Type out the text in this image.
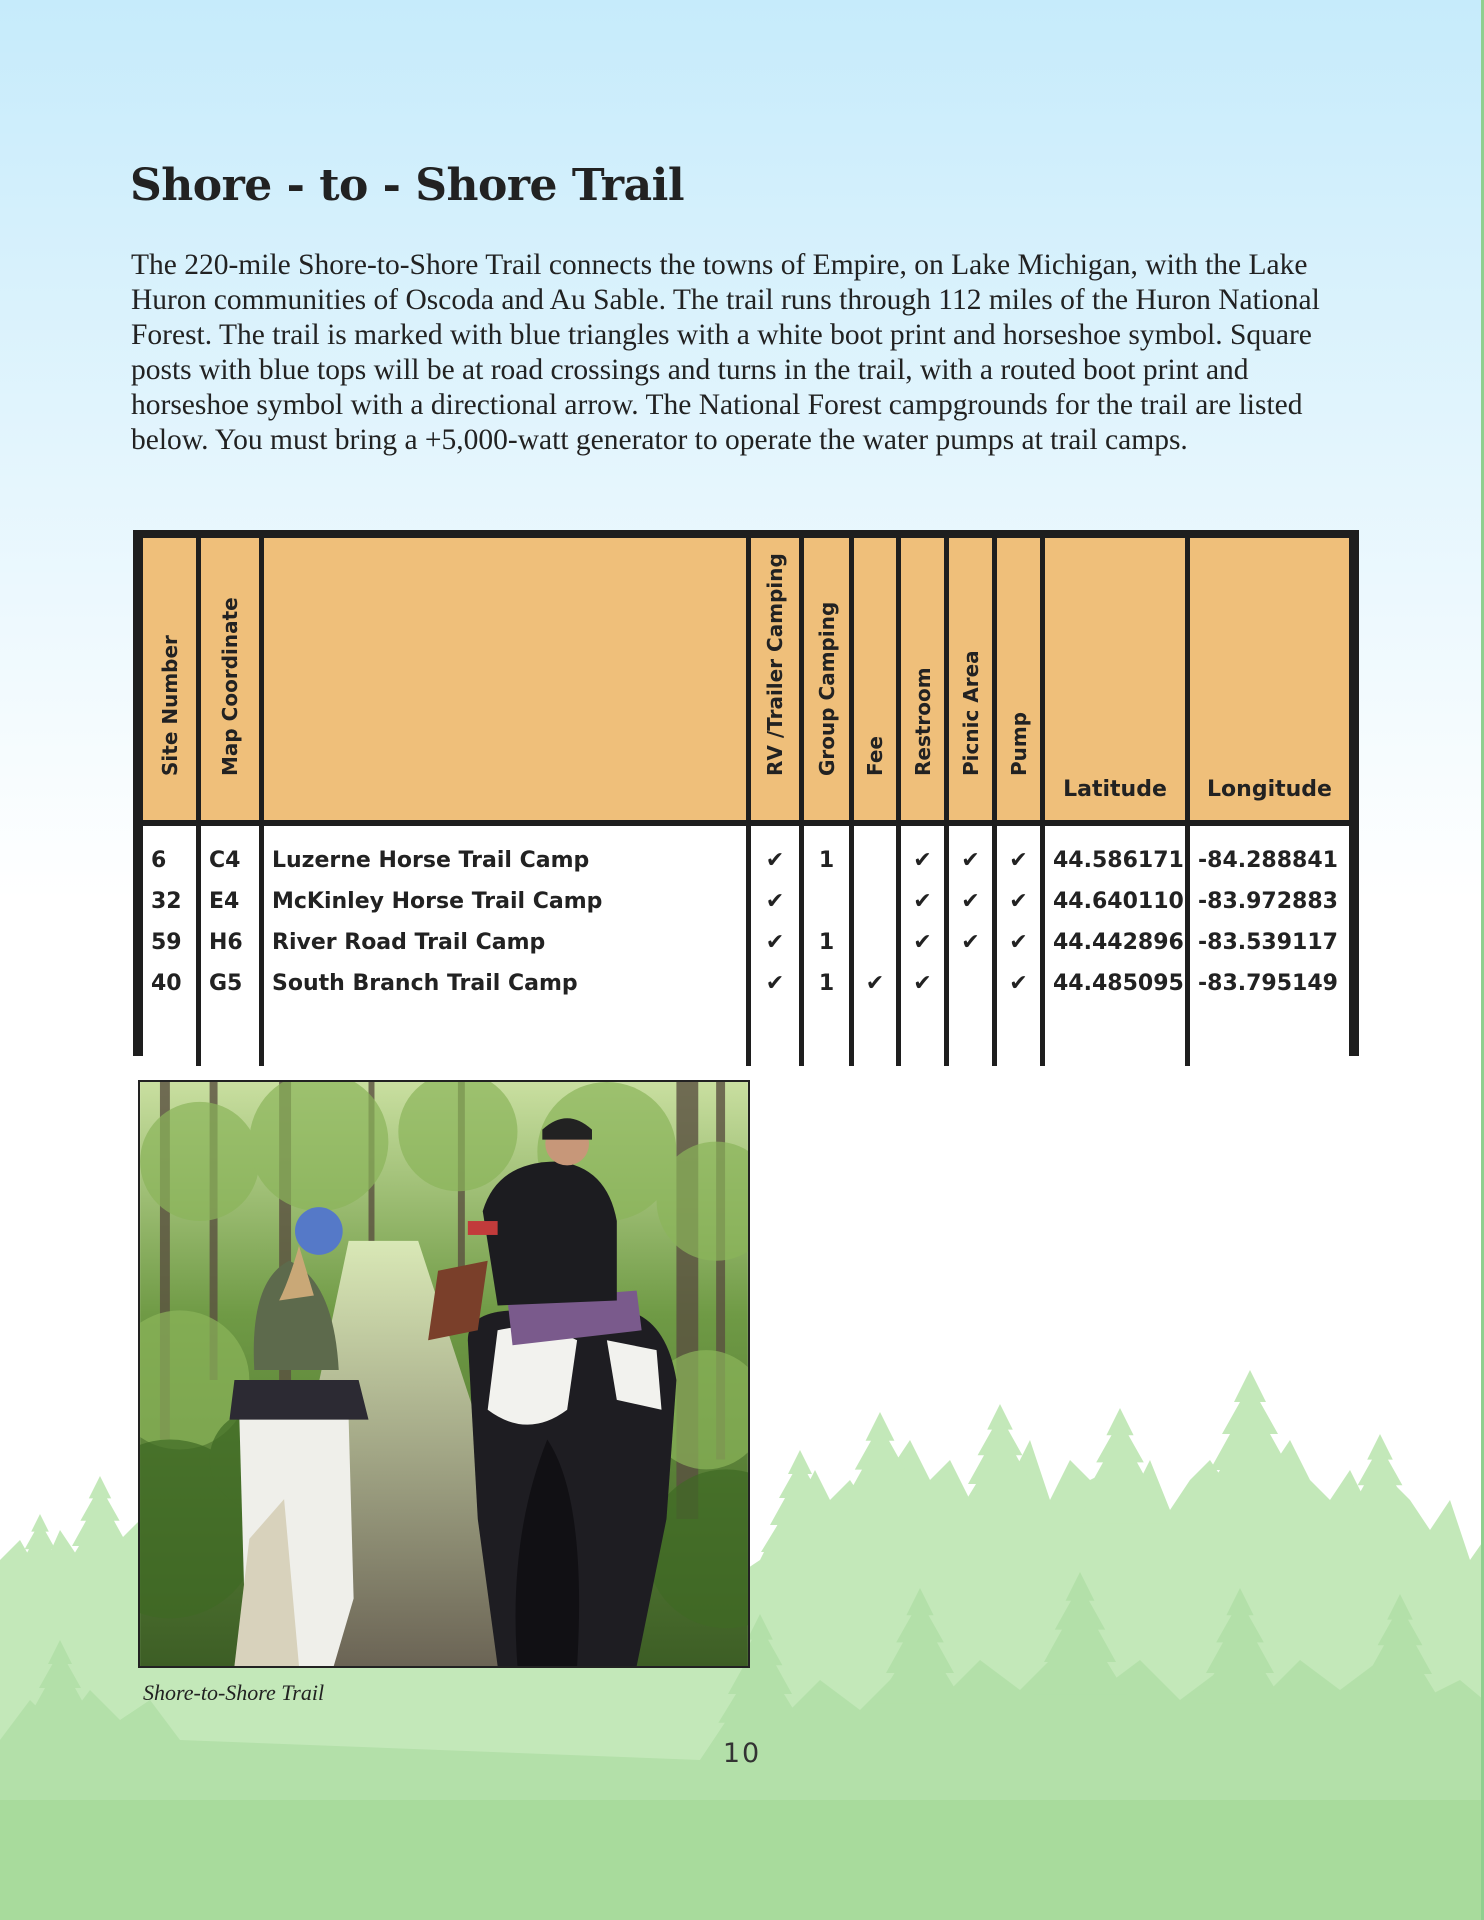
Shore - to - Shore Trail

The 220-mile Shore-to-Shore Trail connects the towns of Empire, on Lake Michigan, with the Lake Huron communities of Oscoda and Au Sable. The trail runs through 112 miles of the Huron National Forest. The trail is marked with blue triangles with a white boot print and horseshoe symbol. Square posts with blue tops will be at road crossings and turns in the trail, with a routed boot print and horseshoe symbol with a directional arrow. The National Forest campgrounds for the trail are listed below. You must bring a +5,000-watt generator to operate the water pumps at trail camps.

Site Number	Map Coordinate		RV /Trailer Camping	Group Camping	Fee	Restroom	Picnic Area	Pump	Latitude	Longitude

6	C4	Luzerne Horse Trail Camp	✔	1		✔	✔	✔	44.586171	-84.288841
32	E4	McKinley Horse Trail Camp	✔			✔	✔	✔	44.640110	-83.972883
59	H6	River Road Trail Camp	✔	1		✔	✔	✔	44.442896	-83.539117
40	G5	South Branch Trail Camp	✔	1	✔	✔		✔	44.485095	-83.795149

Shore-to-Shore Trail

10
